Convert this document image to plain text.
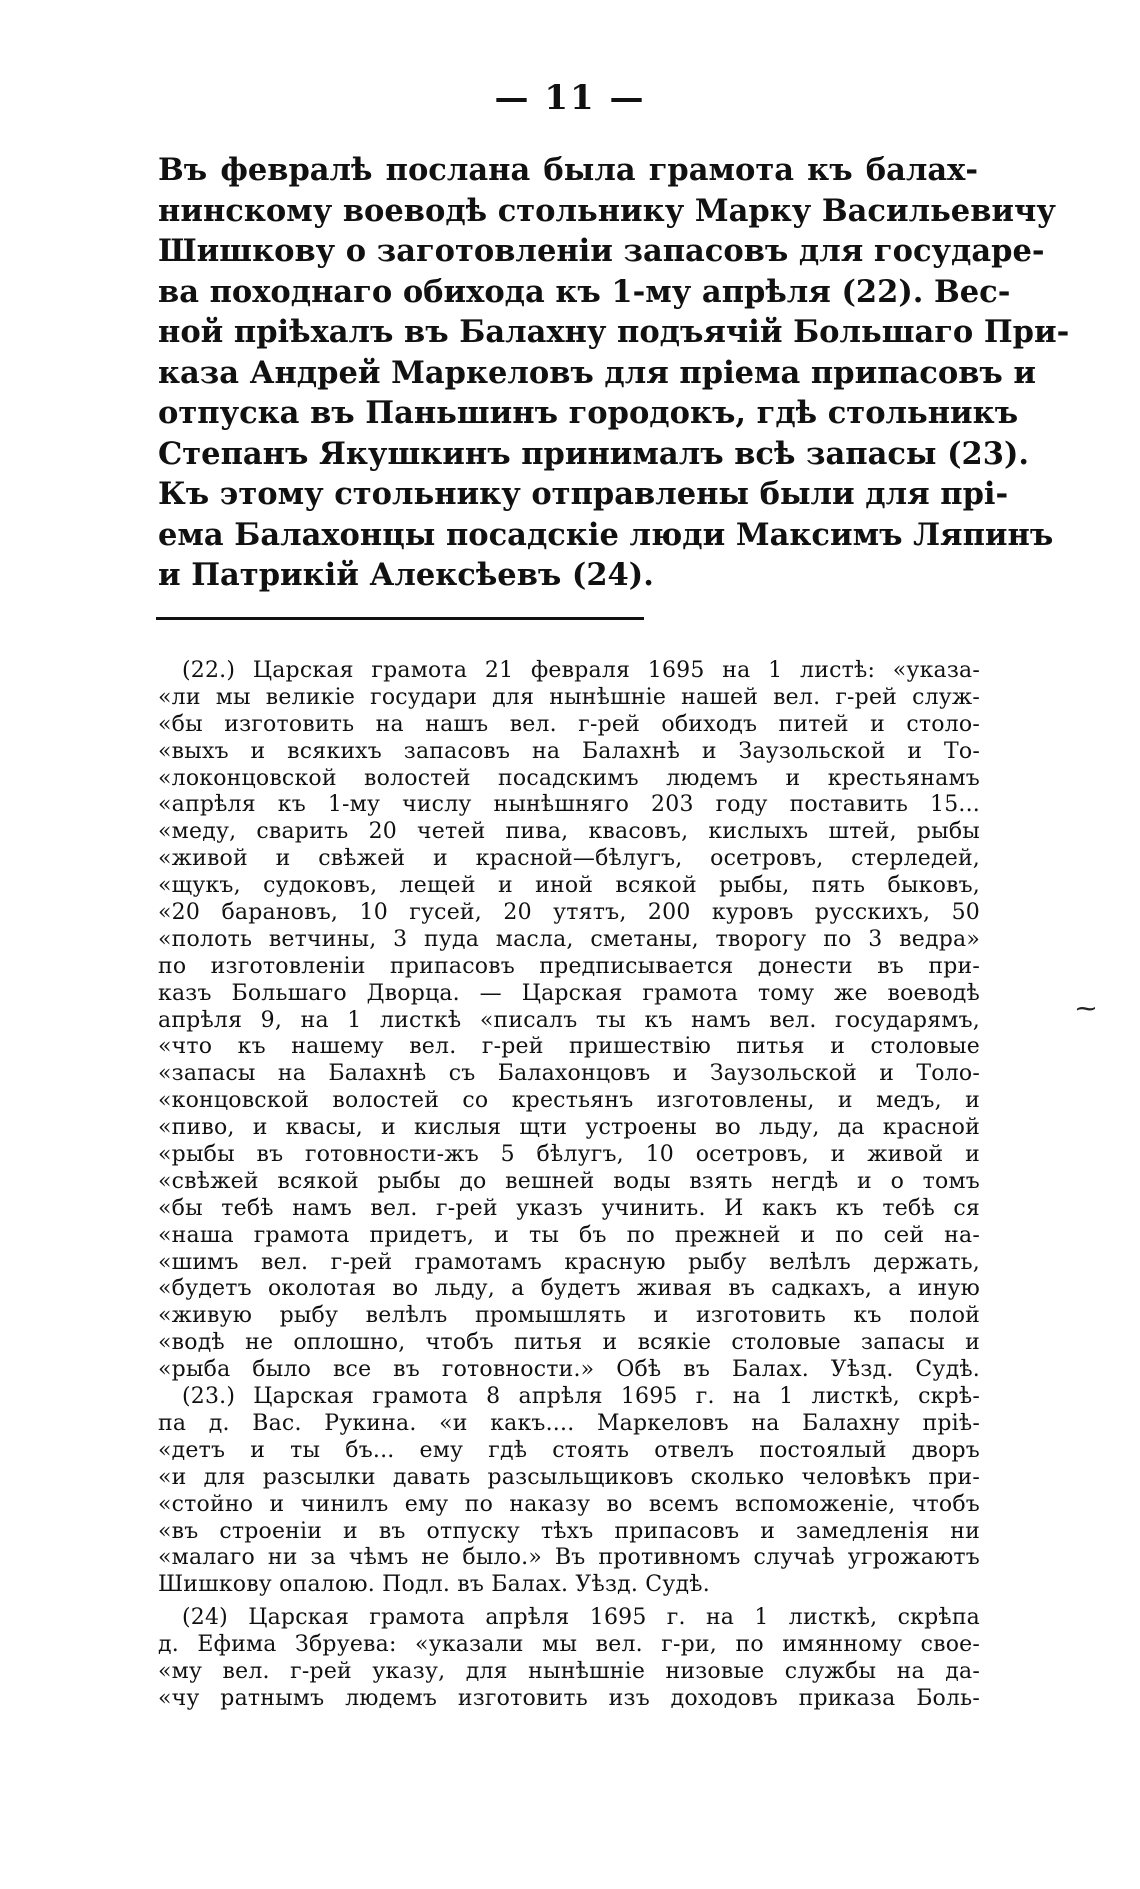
— 11 —
Въ февралѣ послана была грамота къ балах-
нинскому воеводѣ стольнику Марку Васильевичу
Шишкову о заготовленіи запасовъ для государе-
ва походнаго обихода къ 1-му апрѣля (22). Вес-
ной пріѣхалъ въ Балахну подъячій Большаго При-
каза Андрей Маркеловъ для пріема припасовъ и
отпуска въ Паньшинъ городокъ, гдѣ стольникъ
Степанъ Якушкинъ принималъ всѣ запасы (23).
Къ этому стольнику отправлены были для прі-
ема Балахонцы посадскіе люди Максимъ Ляпинъ
и Патрикій Алексѣевъ (24).
(22.) Царская грамота 21 февраля 1695 на 1 листѣ: «указа-
«ли мы великіе государи для нынѣшніе нашей вел. г-рей служ-
«бы изготовить на нашъ вел. г-рей обиходъ питей и столо-
«выхъ и всякихъ запасовъ на Балахнѣ и Заузольской и То-
«локонцовской волостей посадскимъ людемъ и крестьянамъ
«апрѣля къ 1-му числу нынѣшняго 203 году поставить 15...
«меду, сварить 20 четей пива, квасовъ, кислыхъ штей, рыбы
«живой и свѣжей и красной—бѣлугъ, осетровъ, стерледей,
«щукъ, судоковъ, лещей и иной всякой рыбы, пять быковъ,
«20 барановъ, 10 гусей, 20 утятъ, 200 куровъ русскихъ, 50
«полоть ветчины, 3 пуда масла, сметаны, творогу по 3 ведра»
по изготовленіи припасовъ предписывается донести въ при-
казъ Большаго Дворца. — Царская грамота тому же воеводѣ
апрѣля 9, на 1 листкѣ «писалъ ты къ намъ вел. государямъ,
«что къ нашему вел. г-рей пришествію питья и столовые
«запасы на Балахнѣ съ Балахонцовъ и Заузольской и Толо-
«концовской волостей со крестьянъ изготовлены, и медъ, и
«пиво, и квасы, и кислыя щти устроены во льду, да красной
«рыбы въ готовности-жъ 5 бѣлугъ, 10 осетровъ, и живой и
«свѣжей всякой рыбы до вешней воды взять негдѣ и о томъ
«бы тебѣ намъ вел. г-рей указъ учинить. И какъ къ тебѣ ся
«наша грамота придетъ, и ты бъ по прежней и по сей на-
«шимъ вел. г-рей грамотамъ красную рыбу велѣлъ держать,
«будетъ околотая во льду, а будетъ живая въ садкахъ, а иную
«живую рыбу велѣлъ промышлять и изготовить къ полой
«водѣ не оплошно, чтобъ питья и всякіе столовые запасы и
«рыба было все въ готовности.» Обѣ въ Балах. Уѣзд. Судѣ.
(23.) Царская грамота 8 апрѣля 1695 г. на 1 листкѣ, скрѣ-
па д. Вас. Рукина. «и какъ.... Маркеловъ на Балахну пріѣ-
«детъ и ты бъ... ему гдѣ стоять отвелъ постоялый дворъ
«и для разсылки давать разсыльщиковъ сколько человѣкъ при-
«стойно и чинилъ ему по наказу во всемъ вспоможеніе, чтобъ
«въ строеніи и въ отпуску тѣхъ припасовъ и замедленія ни
«малаго ни за чѣмъ не было.» Въ противномъ случаѣ угрожаютъ
Шишкову опалою. Подл. въ Балах. Уѣзд. Судѣ.
(24) Царская грамота апрѣля 1695 г. на 1 листкѣ, скрѣпа
д. Ефима Збруева: «указали мы вел. г-ри, по имянному свое-
«му вел. г-рей указу, для нынѣшніе низовые службы на да-
«чу ратнымъ людемъ изготовить изъ доходовъ приказа Боль-
⁓
